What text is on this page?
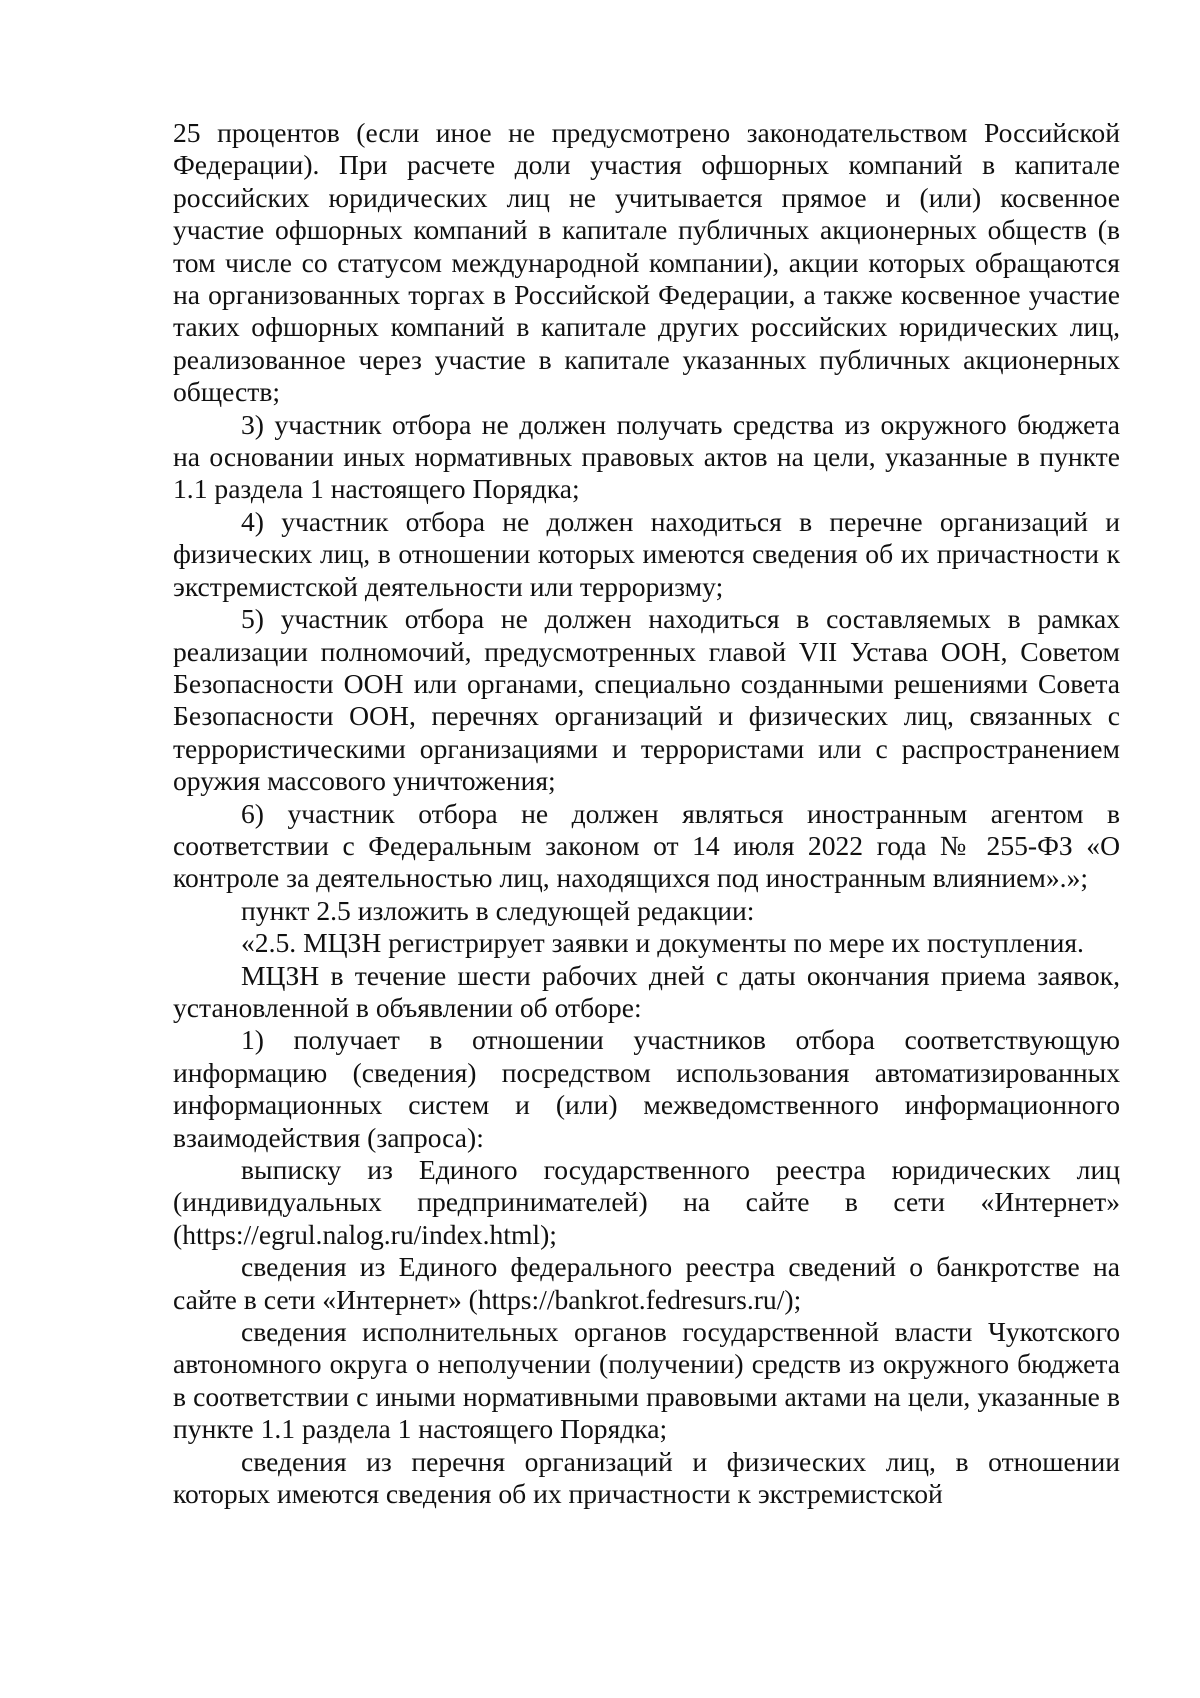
25 процентов (если иное не предусмотрено законодательством Российской Федерации). При расчете доли участия офшорных компаний в капитале российских юридических лиц не учитывается прямое и (или) косвенное участие офшорных компаний в капитале публичных акционерных обществ (в том числе со статусом международной компании), акции которых обращаются на организованных торгах в Российской Федерации, а также косвенное участие таких офшорных компаний в капитале других российских юридических лиц, реализованное через участие в капитале указанных публичных акционерных обществ;

3) участник отбора не должен получать средства из окружного бюджета на основании иных нормативных правовых актов на цели, указанные в пункте 1.1 раздела 1 настоящего Порядка;

4) участник отбора не должен находиться в перечне организаций и физических лиц, в отношении которых имеются сведения об их причастности к экстремистской деятельности или терроризму;

5) участник отбора не должен находиться в составляемых в рамках реализации полномочий, предусмотренных главой VII Устава ООН, Советом Безопасности ООН или органами, специально созданными решениями Совета Безопасности ООН, перечнях организаций и физических лиц, связанных с террористическими организациями и террористами или с распространением оружия массового уничтожения;

6) участник отбора не должен являться иностранным агентом в соответствии с Федеральным законом от 14 июля 2022 года № 255-ФЗ «О контроле за деятельностью лиц, находящихся под иностранным влиянием».»;

пункт 2.5 изложить в следующей редакции:

«2.5. МЦЗН регистрирует заявки и документы по мере их поступления.

МЦЗН в течение шести рабочих дней с даты окончания приема заявок, установленной в объявлении об отборе:

1) получает в отношении участников отбора соответствующую информацию (сведения) посредством использования автоматизированных информационных систем и (или) межведомственного информационного взаимодействия (запроса):

выписку из Единого государственного реестра юридических лиц (индивидуальных предпринимателей) на сайте в сети «Интернет» (https://egrul.nalog.ru/index.html);

сведения из Единого федерального реестра сведений о банкротстве на сайте в сети «Интернет» (https://bankrot.fedresurs.ru/);

сведения исполнительных органов государственной власти Чукотского автономного округа о неполучении (получении) средств из окружного бюджета в соответствии с иными нормативными правовыми актами на цели, указанные в пункте 1.1 раздела 1 настоящего Порядка;

сведения из перечня организаций и физических лиц, в отношении которых имеются сведения об их причастности к экстремистской
